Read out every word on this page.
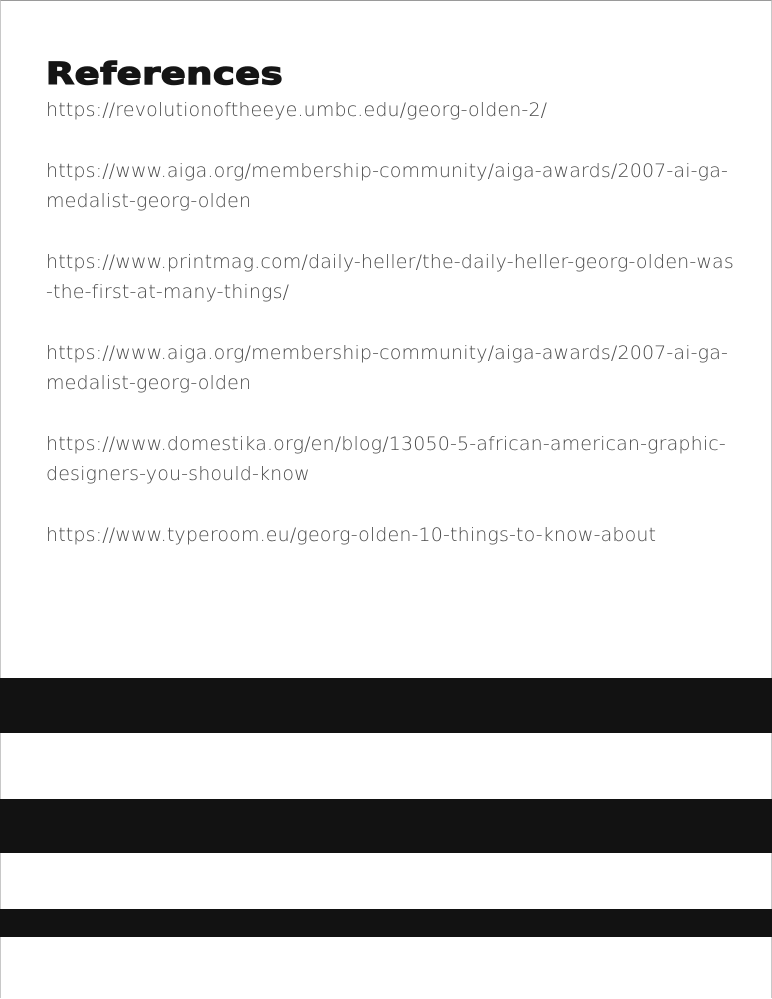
References
https://revolutionoftheeye.umbc.edu/georg-olden-2/
https://www.aiga.org/membership-community/aiga-awards/2007-ai-ga-medalist-georg-olden
https://www.printmag.com/daily-heller/the-daily-heller-georg-olden-was-the-first-at-many-things/
https://www.aiga.org/membership-community/aiga-awards/2007-ai-ga-medalist-georg-olden
https://www.domestika.org/en/blog/13050-5-african-american-graphic-designers-you-should-know
https://www.typeroom.eu/georg-olden-10-things-to-know-about
